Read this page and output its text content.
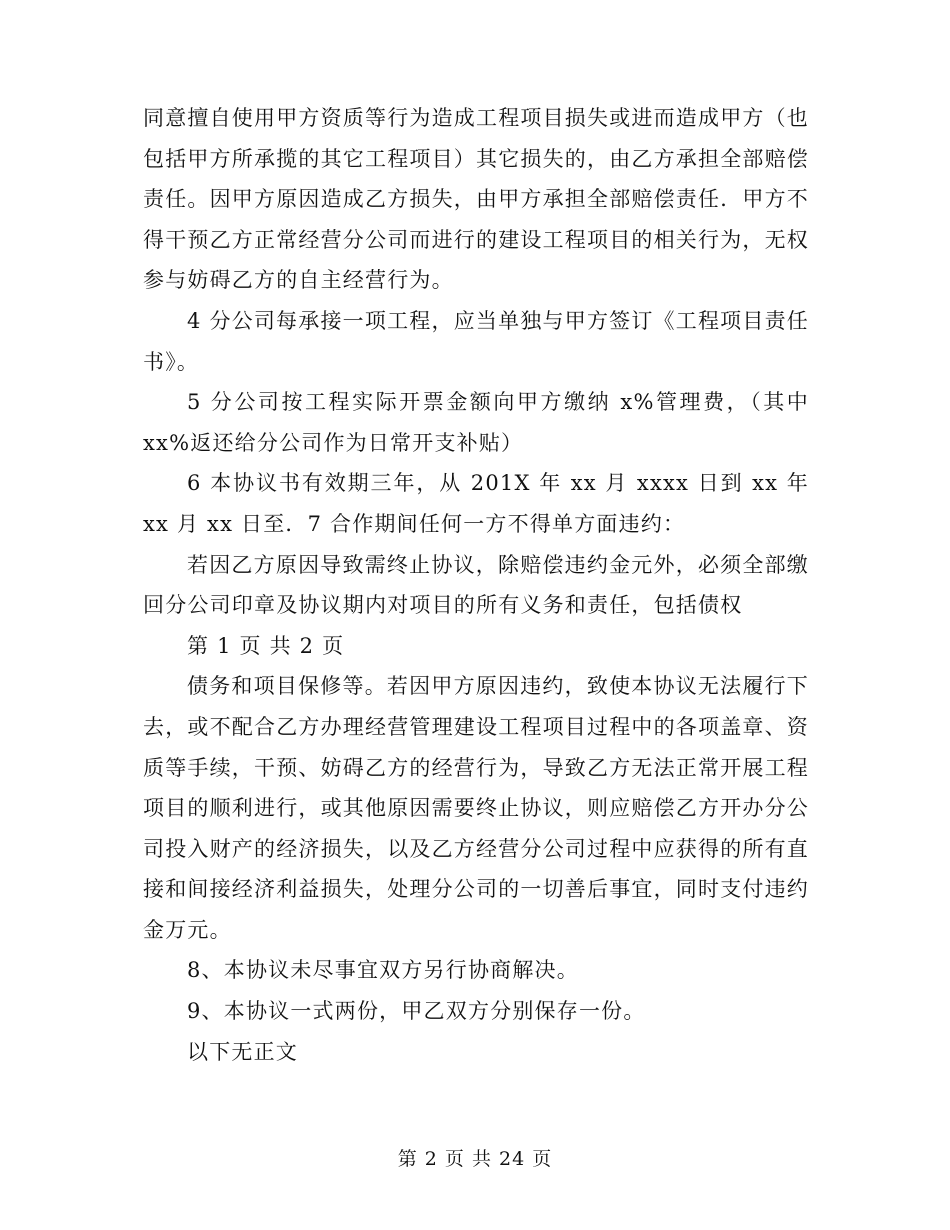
同意擅自使用甲方资质等行为造成工程项目损失或进而造成甲方（也包括甲方所承揽的其它工程项目）其它损失的，由乙方承担全部赔偿责任。因甲方原因造成乙方损失，由甲方承担全部赔偿责任．甲方不得干预乙方正常经营分公司而进行的建设工程项目的相关行为，无权参与妨碍乙方的自主经营行为。

4 分公司每承接一项工程，应当单独与甲方签订《工程项目责任书》。

5 分公司按工程实际开票金额向甲方缴纳 x%管理费，（其中 xx%返还给分公司作为日常开支补贴）

6 本协议书有效期三年，从 201X 年 xx 月 xxxx 日到 xx 年 xx 月 xx 日至．7 合作期间任何一方不得单方面违约：

若因乙方原因导致需终止协议，除赔偿违约金元外，必须全部缴回分公司印章及协议期内对项目的所有义务和责任，包括债权

第 1 页 共 2 页

债务和项目保修等。若因甲方原因违约，致使本协议无法履行下去，或不配合乙方办理经营管理建设工程项目过程中的各项盖章、资质等手续，干预、妨碍乙方的经营行为，导致乙方无法正常开展工程项目的顺利进行，或其他原因需要终止协议，则应赔偿乙方开办分公司投入财产的经济损失，以及乙方经营分公司过程中应获得的所有直接和间接经济利益损失，处理分公司的一切善后事宜，同时支付违约金万元。

8、本协议未尽事宜双方另行协商解决。

9、本协议一式两份，甲乙双方分别保存一份。

以下无正文

第 2 页 共 24 页
